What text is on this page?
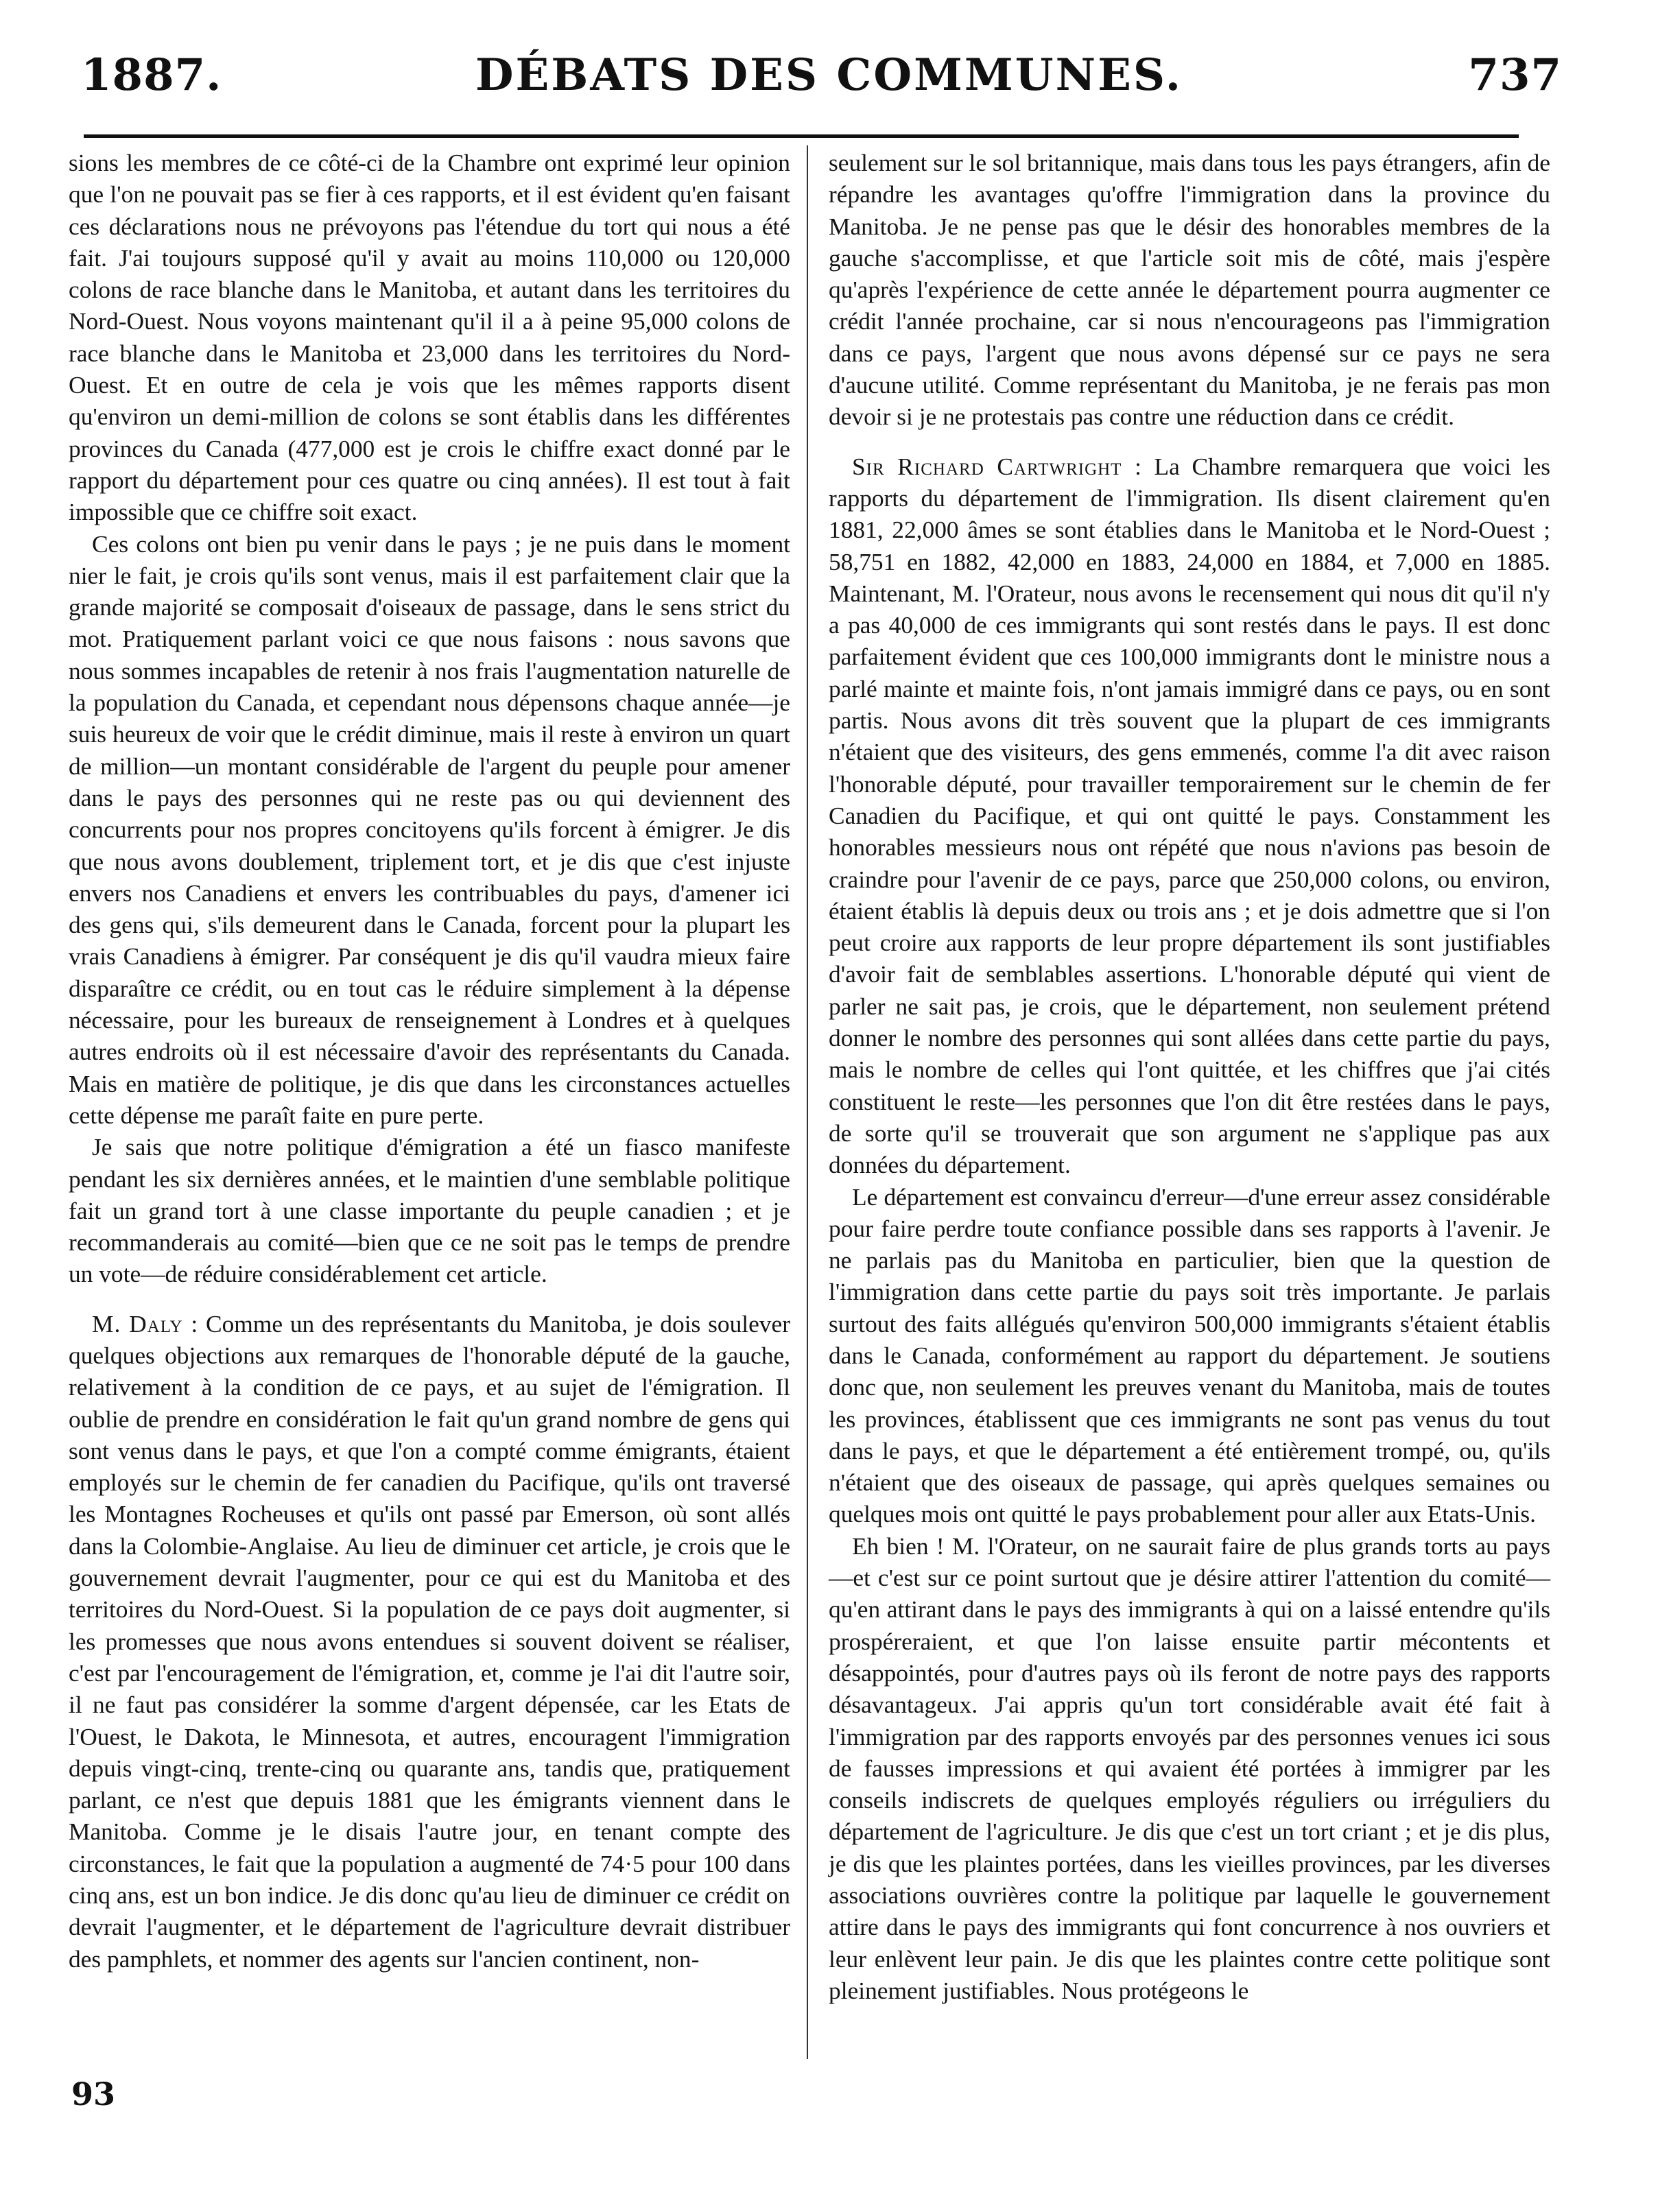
DÉBATS DES COMMUNES.
1887.	737

sions les membres de ce côté-ci de la Chambre ont exprimé leur opinion que l'on ne pouvait pas se fier à ces rapports, et il est évident qu'en faisant ces déclarations nous ne prévoyons pas l'étendue du tort qui nous a été fait. J'ai toujours supposé qu'il y avait au moins 110,000 ou 120,000 colons de race blanche dans le Manitoba, et autant dans les territoires du Nord-Ouest. Nous voyons maintenant qu'il il a à peine 95,000 colons de race blanche dans le Manitoba et 23,000 dans les territoires du Nord-Ouest. Et en outre de cela je vois que les mêmes rapports disent qu'environ un demi-million de colons se sont établis dans les différentes provinces du Canada (477,000 est je crois le chiffre exact donné par le rapport du département pour ces quatre ou cinq années). Il est tout à fait impossible que ce chiffre soit exact.

Ces colons ont bien pu venir dans le pays ; je ne puis dans le moment nier le fait, je crois qu'ils sont venus, mais il est parfaitement clair que la grande majorité se composait d'oiseaux de passage, dans le sens strict du mot. Pratiquement parlant voici ce que nous faisons : nous savons que nous sommes incapables de retenir à nos frais l'augmentation naturelle de la population du Canada, et cependant nous dépensons chaque année—je suis heureux de voir que le crédit diminue, mais il reste à environ un quart de million—un montant considérable de l'argent du peuple pour amener dans le pays des personnes qui ne reste pas ou qui deviennent des concurrents pour nos propres concitoyens qu'ils forcent à émigrer. Je dis que nous avons doublement, triplement tort, et je dis que c'est injuste envers nos Canadiens et envers les contribuables du pays, d'amener ici des gens qui, s'ils demeurent dans le Canada, forcent pour la plupart les vrais Canadiens à émigrer. Par conséquent je dis qu'il vaudra mieux faire disparaître ce crédit, ou en tout cas le réduire simplement à la dépense nécessaire, pour les bureaux de renseignement à Londres et à quelques autres endroits où il est nécessaire d'avoir des représentants du Canada. Mais en matière de politique, je dis que dans les circonstances actuelles cette dépense me paraît faite en pure perte.

Je sais que notre politique d'émigration a été un fiasco manifeste pendant les six dernières années, et le maintien d'une semblable politique fait un grand tort à une classe importante du peuple canadien ; et je recommanderais au comité—bien que ce ne soit pas le temps de prendre un vote—de réduire considérablement cet article.

M. Daly : Comme un des représentants du Manitoba, je dois soulever quelques objections aux remarques de l'honorable député de la gauche, relativement à la condition de ce pays, et au sujet de l'émigration. Il oublie de prendre en considération le fait qu'un grand nombre de gens qui sont venus dans le pays, et que l'on a compté comme émigrants, étaient employés sur le chemin de fer canadien du Pacifique, qu'ils ont traversé les Montagnes Rocheuses et qu'ils ont passé par Emerson, où sont allés dans la Colombie-Anglaise. Au lieu de diminuer cet article, je crois que le gouvernement devrait l'augmenter, pour ce qui est du Manitoba et des territoires du Nord-Ouest. Si la population de ce pays doit augmenter, si les promesses que nous avons entendues si souvent doivent se réaliser, c'est par l'encouragement de l'émigration, et, comme je l'ai dit l'autre soir, il ne faut pas considérer la somme d'argent dépensée, car les Etats de l'Ouest, le Dakota, le Minnesota, et autres, encouragent l'immigration depuis vingt-cinq, trente-cinq ou quarante ans, tandis que, pratiquement parlant, ce n'est que depuis 1881 que les émigrants viennent dans le Manitoba. Comme je le disais l'autre jour, en tenant compte des circonstances, le fait que la population a augmenté de 74·5 pour 100 dans cinq ans, est un bon indice. Je dis donc qu'au lieu de diminuer ce crédit on devrait l'augmenter, et le département de l'agriculture devrait distribuer des pamphlets, et nommer des agents sur l'ancien continent, non-

seulement sur le sol britannique, mais dans tous les pays étrangers, afin de répandre les avantages qu'offre l'immigration dans la province du Manitoba. Je ne pense pas que le désir des honorables membres de la gauche s'accomplisse, et que l'article soit mis de côté, mais j'espère qu'après l'expérience de cette année le département pourra augmenter ce crédit l'année prochaine, car si nous n'encourageons pas l'immigration dans ce pays, l'argent que nous avons dépensé sur ce pays ne sera d'aucune utilité. Comme représentant du Manitoba, je ne ferais pas mon devoir si je ne protestais pas contre une réduction dans ce crédit.

Sir Richard Cartwright : La Chambre remarquera que voici les rapports du département de l'immigration. Ils disent clairement qu'en 1881, 22,000 âmes se sont établies dans le Manitoba et le Nord-Ouest ; 58,751 en 1882, 42,000 en 1883, 24,000 en 1884, et 7,000 en 1885. Maintenant, M. l'Orateur, nous avons le recensement qui nous dit qu'il n'y a pas 40,000 de ces immigrants qui sont restés dans le pays. Il est donc parfaitement évident que ces 100,000 immigrants dont le ministre nous a parlé mainte et mainte fois, n'ont jamais immigré dans ce pays, ou en sont partis. Nous avons dit très souvent que la plupart de ces immigrants n'étaient que des visiteurs, des gens emmenés, comme l'a dit avec raison l'honorable député, pour travailler temporairement sur le chemin de fer Canadien du Pacifique, et qui ont quitté le pays. Constamment les honorables messieurs nous ont répété que nous n'avions pas besoin de craindre pour l'avenir de ce pays, parce que 250,000 colons, ou environ, étaient établis là depuis deux ou trois ans ; et je dois admettre que si l'on peut croire aux rapports de leur propre département ils sont justifiables d'avoir fait de semblables assertions. L'honorable député qui vient de parler ne sait pas, je crois, que le département, non seulement prétend donner le nombre des personnes qui sont allées dans cette partie du pays, mais le nombre de celles qui l'ont quittée, et les chiffres que j'ai cités constituent le reste—les personnes que l'on dit être restées dans le pays, de sorte qu'il se trouverait que son argument ne s'applique pas aux données du département.

Le département est convaincu d'erreur—d'une erreur assez considérable pour faire perdre toute confiance possible dans ses rapports à l'avenir. Je ne parlais pas du Manitoba en particulier, bien que la question de l'immigration dans cette partie du pays soit très importante. Je parlais surtout des faits allégués qu'environ 500,000 immigrants s'étaient établis dans le Canada, conformément au rapport du département. Je soutiens donc que, non seulement les preuves venant du Manitoba, mais de toutes les provinces, établissent que ces immigrants ne sont pas venus du tout dans le pays, et que le département a été entièrement trompé, ou, qu'ils n'étaient que des oiseaux de passage, qui après quelques semaines ou quelques mois ont quitté le pays probablement pour aller aux Etats-Unis.

Eh bien ! M. l'Orateur, on ne saurait faire de plus grands torts au pays—et c'est sur ce point surtout que je désire attirer l'attention du comité—qu'en attirant dans le pays des immigrants à qui on a laissé entendre qu'ils prospéreraient, et que l'on laisse ensuite partir mécontents et désappointés, pour d'autres pays où ils feront de notre pays des rapports désavantageux. J'ai appris qu'un tort considérable avait été fait à l'immigration par des rapports envoyés par des personnes venues ici sous de fausses impressions et qui avaient été portées à immigrer par les conseils indiscrets de quelques employés réguliers ou irréguliers du département de l'agriculture. Je dis que c'est un tort criant ; et je dis plus, je dis que les plaintes portées, dans les vieilles provinces, par les diverses associations ouvrières contre la politique par laquelle le gouvernement attire dans le pays des immigrants qui font concurrence à nos ouvriers et leur enlèvent leur pain. Je dis que les plaintes contre cette politique sont pleinement justifiables. Nous protégeons le

93
